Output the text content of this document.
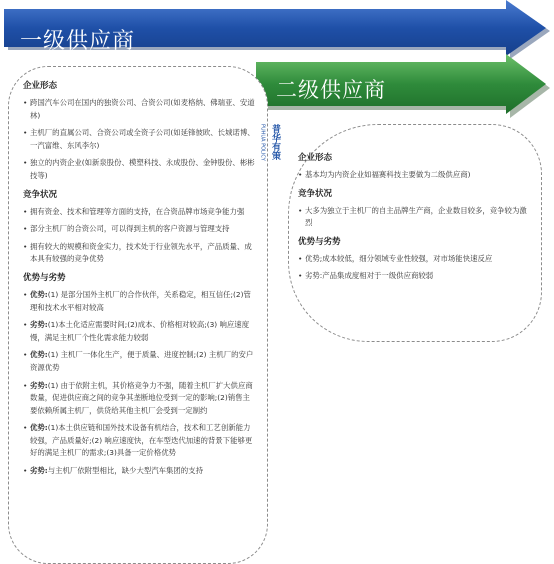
一级供应商
二级供应商
企业形态
• 跨国汽车公司在国内的独资公司、合资公司(如麦格纳、佛瑞亚、安道林)
• 主机厂的直属公司、合资公司或全资子公司(如延锋彼欧、长城诺博、一汽富维、东风李尔)
• 独立的内资企业(如新泉股份、模塑科技、永成股份、金钟股份、彬彬技等)
竞争状况
• 拥有资金、技术和管理等方面的支持，在合资品牌市场竞争能力强
• 部分主机厂的合资公司，可以得到主机的客户资源与管理支持
• 拥有较大的规模和资金实力，技术处于行业领先水平，产品质量、成本具有较强的竞争优势
优势与劣势
• 优势:(1) 是部分国外主机厂的合作伙伴，关系稳定，相互信任;(2)管理和技术水平相对较高
• 劣势:(1)本土化适应需要时间;(2)成本、价格相对较高;(3) 响应速度慢，满足主机厂个性化需求能力较弱
• 优势:(1) 主机厂一体化生产，便于质量、进度控制;(2) 主机厂的安户资源优势
• 劣势:(1) 由于依附主机，其价格竞争力不强，随着主机厂扩大供应商数量，促进供应商之间的竞争其垄断地位受到一定的影响;(2)销售主要依赖所属主机厂，供货给其他主机厂会受到一定制约
• 优势:(1)本土供应链和国外技术设备有机结合，技术和工艺创新能力较强，产品质量好;(2) 响应速度快，在车型迭代加速的背景下能够更好的满足主机厂的需求;(3)具备一定价格优势
• 劣势:与主机厂依附型相比，缺少大型汽车集团的支持
普华有策
PUHUA POLICY	企业形态
• 基本均为内资企业如福赛科技主要做为二级供应商)
竞争状况
• 大多为独立于主机厂的自主品牌生产商，企业数目较多，竞争较为激烈
优势与劣势
• 优势;成本较低，细分领域专业性较强，对市场能快速反应
• 劣势:产品集成度相对于一级供应商较弱
